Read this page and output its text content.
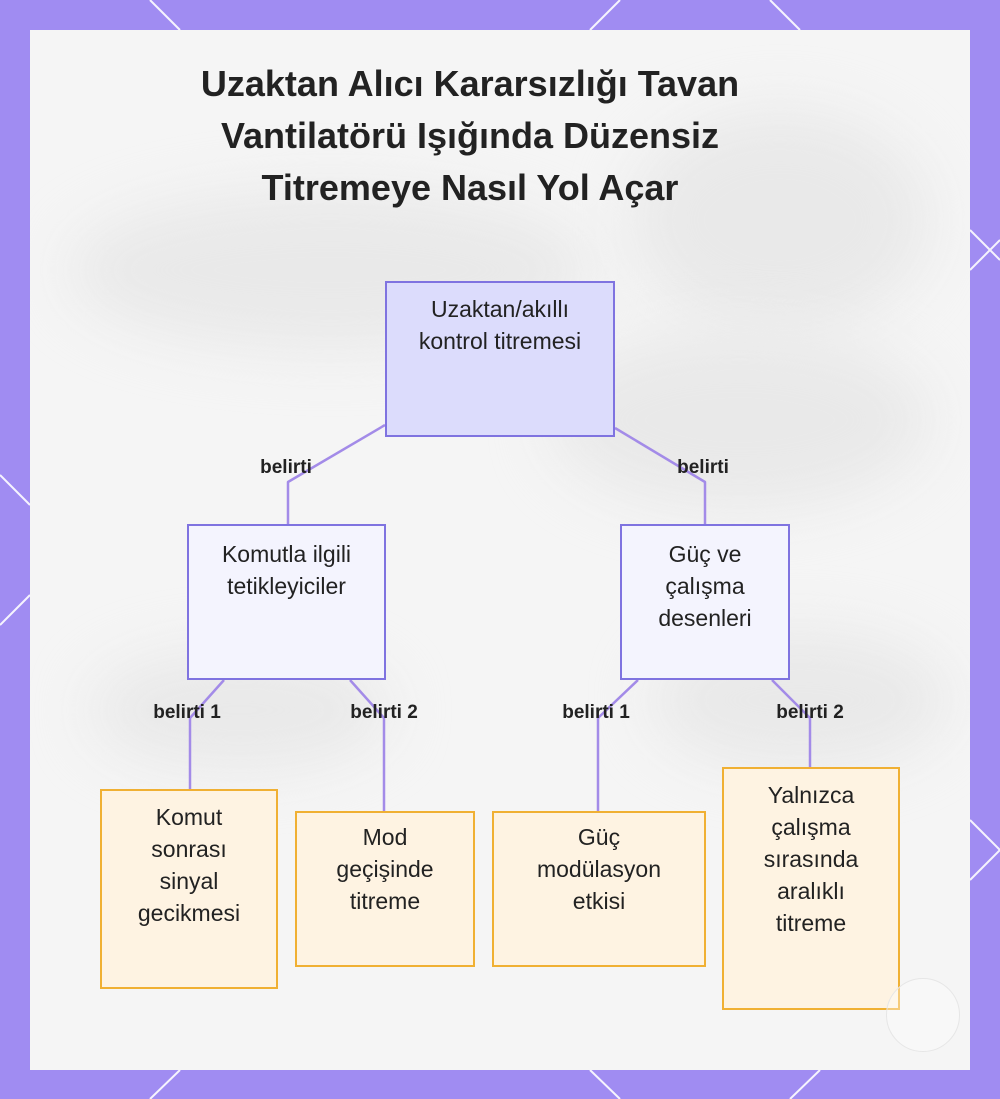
Uzaktan Alıcı Kararsızlığı Tavan Vantilatörü Işığında Düzensiz Titremeye Nasıl Yol Açar
belirti	belirti
belirti 1	belirti 2	belirti 1	belirti 2
Uzaktan/akıllı kontrol titremesi
Komutla ilgili tetikleyiciler
Güç ve çalışma desenleri
Komut sonrası sinyal gecikmesi
Mod geçişinde titreme
Güç modülasyon etkisi
Yalnızca çalışma sırasında aralıklı titreme
